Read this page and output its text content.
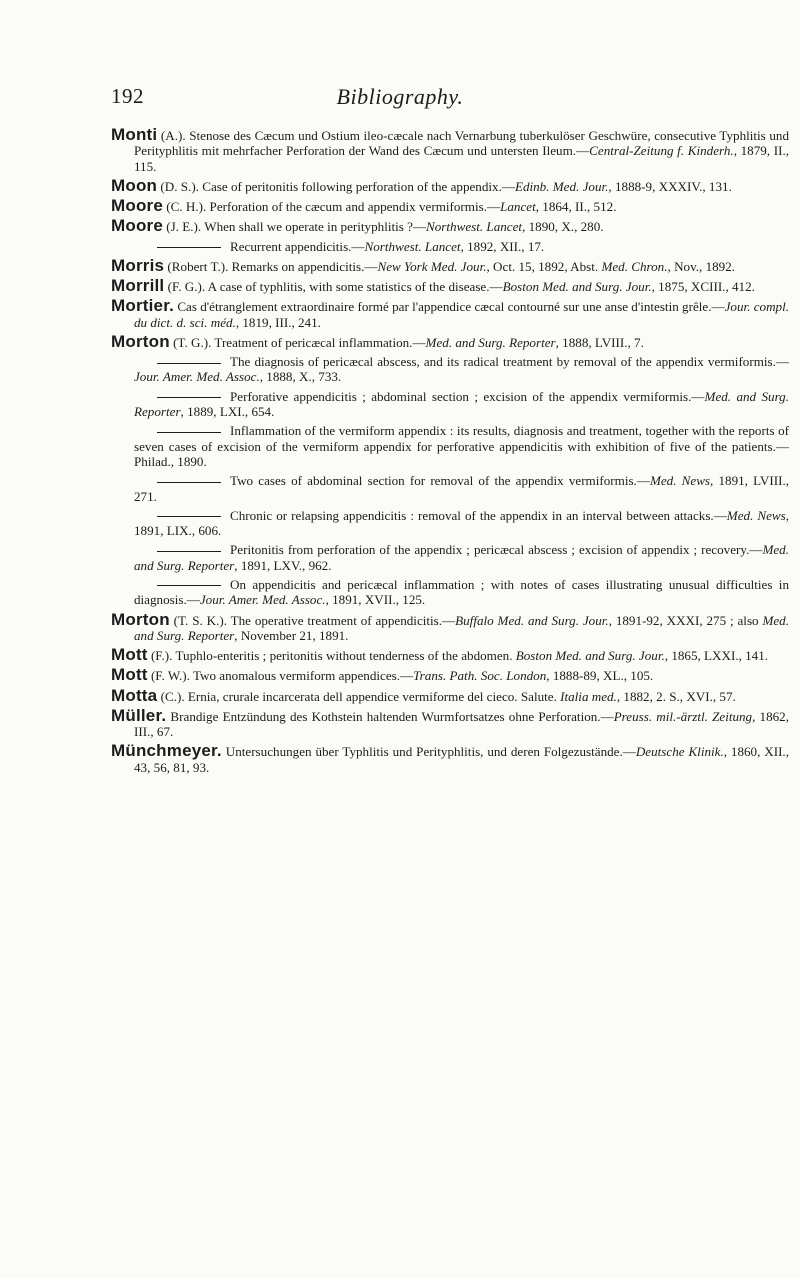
192	Bibliography.

Monti (A.). Stenose des Cæcum und Ostium ileo-cæcale nach Vernarbung tuberkulöser Geschwüre, consecutive Typhlitis und Perityphlitis mit mehrfacher Perforation der Wand des Cæcum und untersten Ileum.—Central-Zeitung f. Kinderh., 1879, II., 115.

Moon (D. S.). Case of peritonitis following perforation of the appendix.—Edinb. Med. Jour., 1888-9, XXXIV., 131.

Moore (C. H.). Perforation of the cæcum and appendix vermiformis.—Lancet, 1864, II., 512.

Moore (J. E.). When shall we operate in perityphlitis ?—Northwest. Lancet, 1890, X., 280.

Recurrent appendicitis.—Northwest. Lancet, 1892, XII., 17.

Morris (Robert T.). Remarks on appendicitis.—New York Med. Jour., Oct. 15, 1892, Abst. Med. Chron., Nov., 1892.

Morrill (F. G.). A case of typhlitis, with some statistics of the disease.—Boston Med. and Surg. Jour., 1875, XCIII., 412.

Mortier. Cas d'étranglement extraordinaire formé par l'appendice cæcal contourné sur une anse d'intestin grêle.—Jour. compl. du dict. d. sci. méd., 1819, III., 241.

Morton (T. G.). Treatment of pericæcal inflammation.—Med. and Surg. Reporter, 1888, LVIII., 7.

The diagnosis of pericæcal abscess, and its radical treatment by removal of the appendix vermiformis.—Jour. Amer. Med. Assoc., 1888, X., 733.

Perforative appendicitis ; abdominal section ; excision of the appendix vermiformis.—Med. and Surg. Reporter, 1889, LXI., 654.

Inflammation of the vermiform appendix : its results, diagnosis and treatment, together with the reports of seven cases of excision of the vermiform appendix for perforative appendicitis with exhibition of five of the patients.— Philad., 1890.

Two cases of abdominal section for removal of the appendix vermiformis.—Med. News, 1891, LVIII., 271.

Chronic or relapsing appendicitis : removal of the appendix in an interval between attacks.—Med. News, 1891, LIX., 606.

Peritonitis from perforation of the appendix ; pericæcal abscess ; excision of appendix ; recovery.—Med. and Surg. Reporter, 1891, LXV., 962.

On appendicitis and pericæcal inflammation ; with notes of cases illustrating unusual difficulties in diagnosis.—Jour. Amer. Med. Assoc., 1891, XVII., 125.

Morton (T. S. K.). The operative treatment of appendicitis.—Buffalo Med. and Surg. Jour., 1891-92, XXXI, 275 ; also Med. and Surg. Reporter, November 21, 1891.

Mott (F.). Tuphlo-enteritis ; peritonitis without tenderness of the abdomen. Boston Med. and Surg. Jour., 1865, LXXI., 141.

Mott (F. W.). Two anomalous vermiform appendices.—Trans. Path. Soc. London, 1888-89, XL., 105.

Motta (C.). Ernia, crurale incarcerata dell appendice vermiforme del cieco. Salute. Italia med., 1882, 2. S., XVI., 57.

Müller. Brandige Entzündung des Kothstein haltenden Wurmfortsatzes ohne Perforation.—Preuss. mil.-ärztl. Zeitung, 1862, III., 67.

Münchmeyer. Untersuchungen über Typhlitis und Perityphlitis, und deren Folgezustände.—Deutsche Klinik., 1860, XII., 43, 56, 81, 93.
